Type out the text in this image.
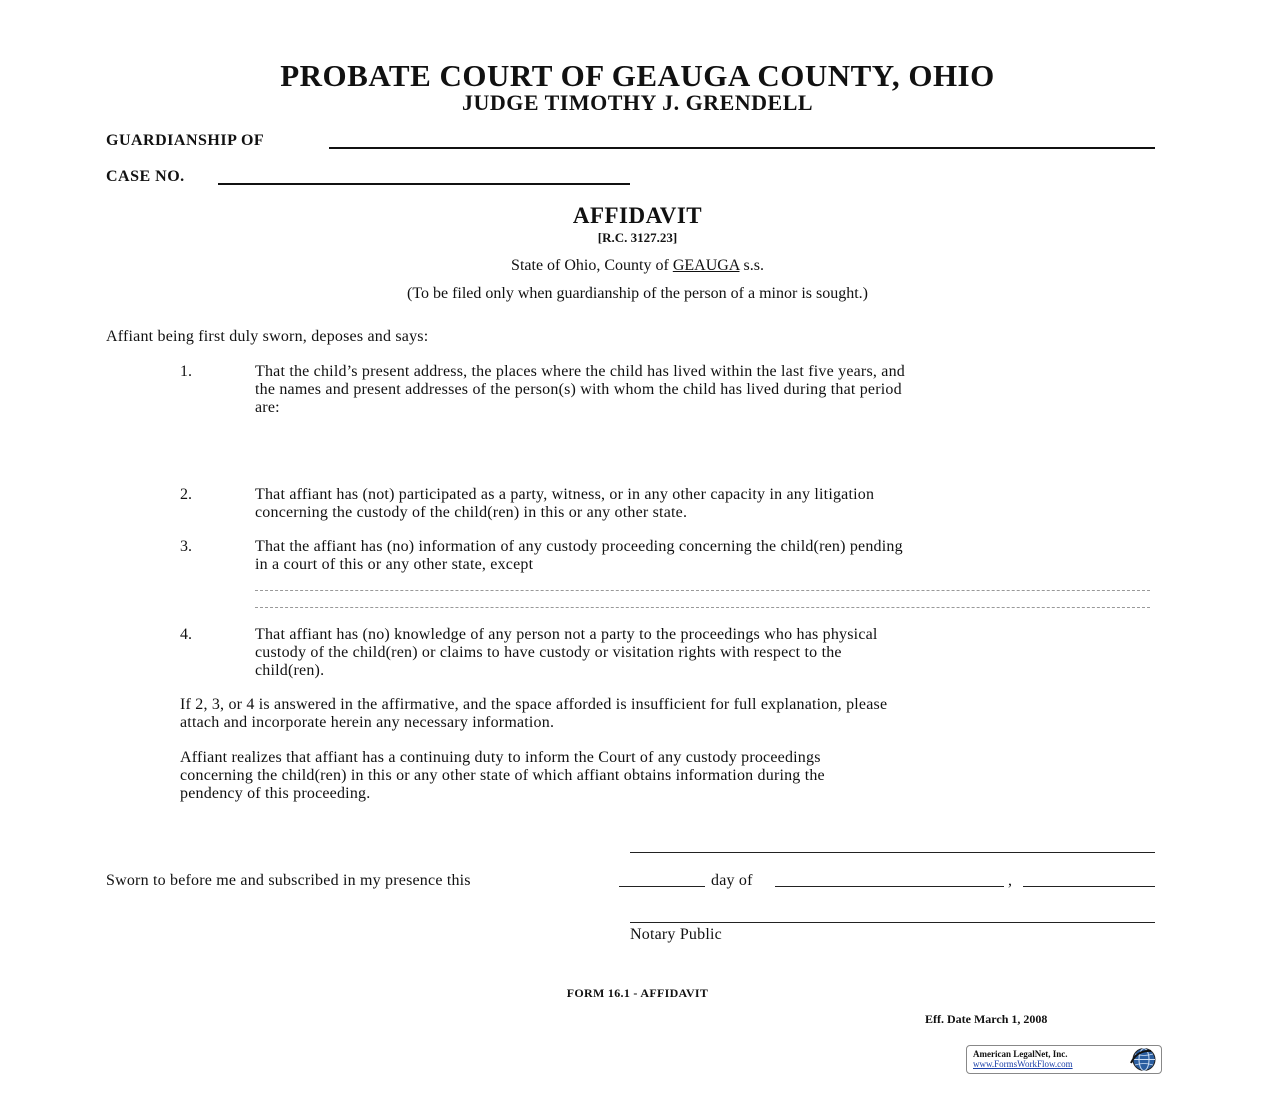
PROBATE COURT OF GEAUGA COUNTY, OHIO
JUDGE TIMOTHY J. GRENDELL
GUARDIANSHIP OF
CASE NO.
AFFIDAVIT
[R.C. 3127.23]
State of Ohio, County of GEAUGA s.s.
(To be filed only when guardianship of the person of a minor is sought.)
Affiant being first duly sworn, deposes and says:
1.	That the child’s present address, the places where the child has lived within the last five years, and
the names and present addresses of the person(s) with whom the child has lived during that period
are:
2.	That affiant has (not) participated as a party, witness, or in any other capacity in any litigation
concerning the custody of the child(ren) in this or any other state.
3.	That the affiant has (no) information of any custody proceeding concerning the child(ren) pending
in a court of this or any other state, except
4.	That affiant has (no) knowledge of any person not a party to the proceedings who has physical
custody of the child(ren) or claims to have custody or visitation rights with respect to the
child(ren).
If 2, 3, or 4 is answered in the affirmative, and the space afforded is insufficient for full explanation, please
attach and incorporate herein any necessary information.
Affiant realizes that affiant has a continuing duty to inform the Court of any custody proceedings
concerning the child(ren) in this or any other state of which affiant obtains information during the
pendency of this proceeding.
Sworn to before me and subscribed in my presence this	day of	,
Notary Public
FORM 16.1 - AFFIDAVIT
Eff. Date March 1, 2008
American LegalNet, Inc.
www.FormsWorkFlow.com
